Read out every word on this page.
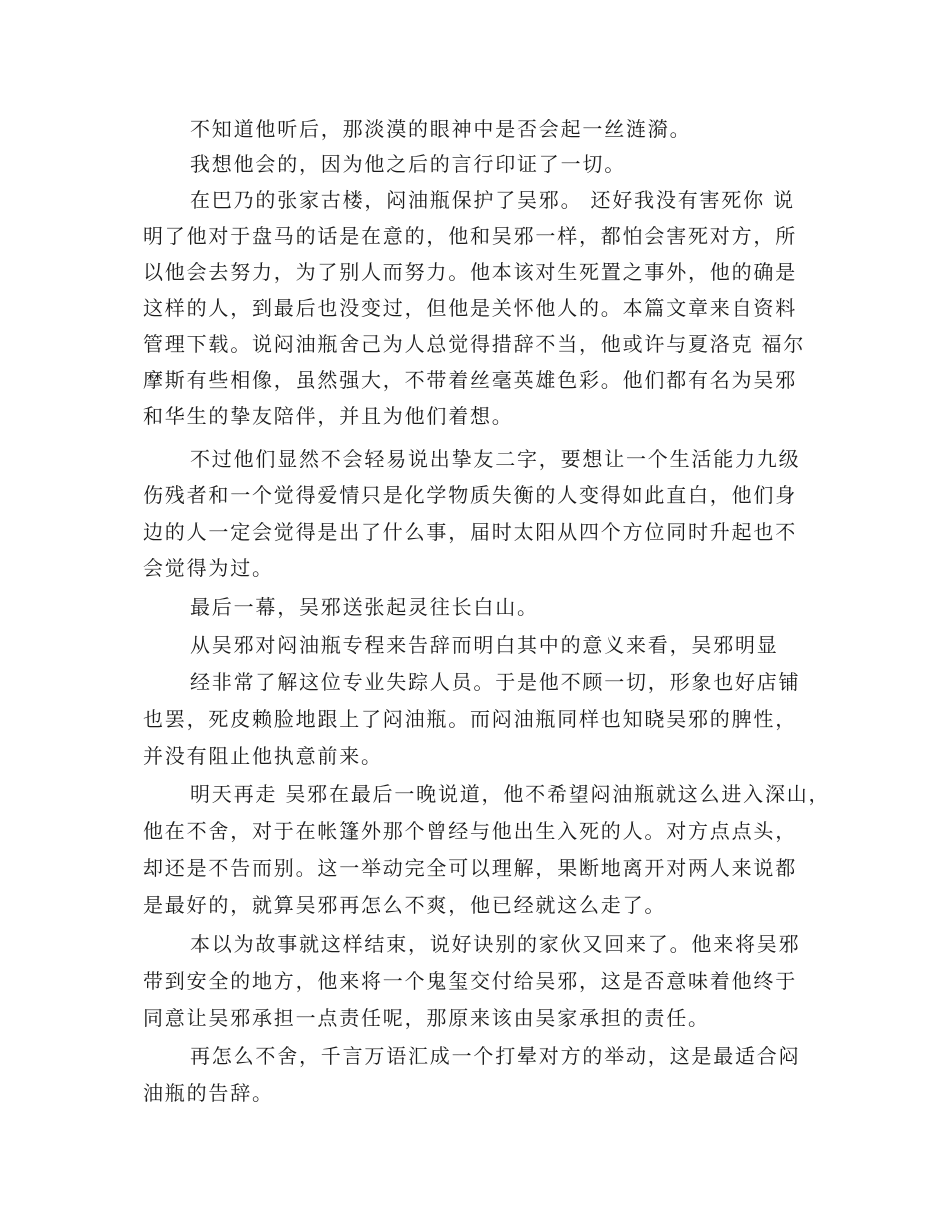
不知道他听后，那淡漠的眼神中是否会起一丝涟漪。
我想他会的，因为他之后的言行印证了一切。
在巴乃的张家古楼，闷油瓶保护了吴邪。 还好我没有害死你 说
明了他对于盘马的话是在意的，他和吴邪一样，都怕会害死对方，所
以他会去努力，为了别人而努力。他本该对生死置之事外，他的确是
这样的人，到最后也没变过，但他是关怀他人的。本篇文章来自资料
管理下载。说闷油瓶舍己为人总觉得措辞不当，他或许与夏洛克 福尔
摩斯有些相像，虽然强大，不带着丝毫英雄色彩。他们都有名为吴邪
和华生的挚友陪伴，并且为他们着想。
不过他们显然不会轻易说出挚友二字，要想让一个生活能力九级
伤残者和一个觉得爱情只是化学物质失衡的人变得如此直白，他们身
边的人一定会觉得是出了什么事，届时太阳从四个方位同时升起也不
会觉得为过。
最后一幕，吴邪送张起灵往长白山。
从吴邪对闷油瓶专程来告辞而明白其中的意义来看，吴邪明显
经非常了解这位专业失踪人员。于是他不顾一切，形象也好店铺
也罢，死皮赖脸地跟上了闷油瓶。而闷油瓶同样也知晓吴邪的脾性，
并没有阻止他执意前来。
明天再走 吴邪在最后一晚说道，他不希望闷油瓶就这么进入深山，
他在不舍，对于在帐篷外那个曾经与他出生入死的人。对方点点头，
却还是不告而别。这一举动完全可以理解，果断地离开对两人来说都
是最好的，就算吴邪再怎么不爽，他已经就这么走了。
本以为故事就这样结束，说好诀别的家伙又回来了。他来将吴邪
带到安全的地方，他来将一个鬼玺交付给吴邪，这是否意味着他终于
同意让吴邪承担一点责任呢，那原来该由吴家承担的责任。
再怎么不舍，千言万语汇成一个打晕对方的举动，这是最适合闷
油瓶的告辞。
